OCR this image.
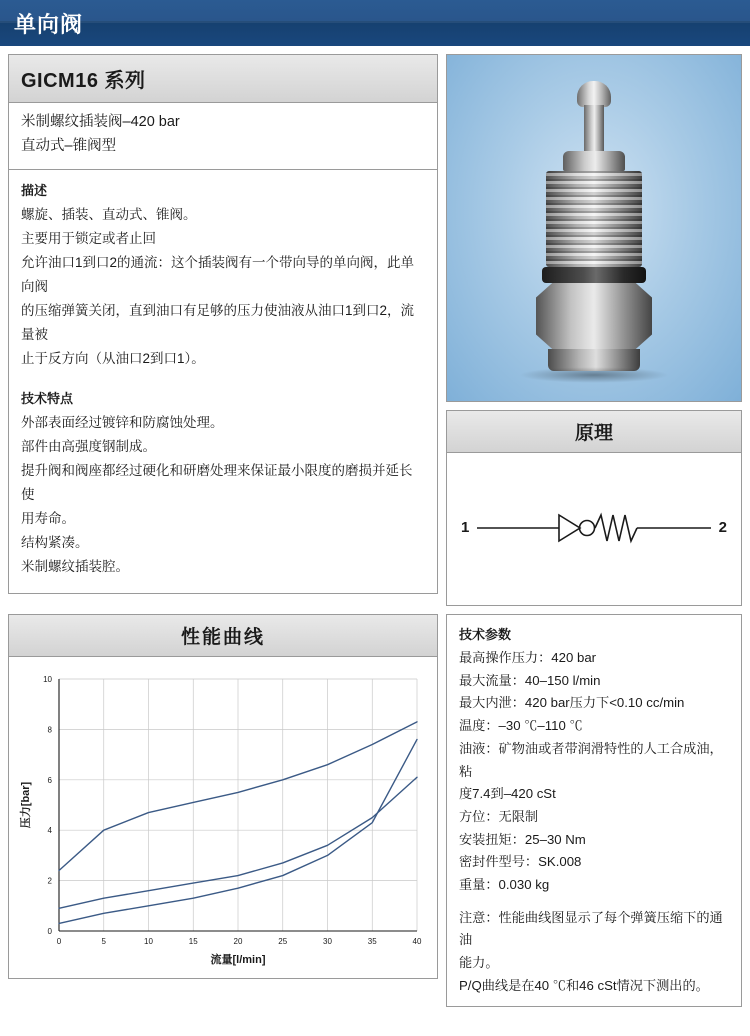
单向阀
GICM16 系列
米制螺纹插装阀–420 bar
直动式–锥阀型
描述

螺旋、插装、直动式、锥阀。

主要用于锁定或者止回

允许油口1到口2的通流：这个插装阀有一个带向导的单向阀，此单向阀

的压缩弹簧关闭，直到油口有足够的压力使油液从油口1到口2，流量被

止于反方向（从油口2到口1）。

技术特点

外部表面经过镀锌和防腐蚀处理。

部件由高强度钢制成。

提升阀和阀座都经过硬化和研磨处理来保证最小限度的磨损并延长使

用寿命。

结构紧凑。

米制螺纹插装腔。

原理
1	2
性能曲线
0	5	10	15	20	25	30	35	40
0
2
4
6
8
10
流量[l/min]
压力[bar]
技术参数
最高操作压力：420 bar
最大流量：40–150 l/min
最大内泄：420 bar压力下<0.10 cc/min
温度：–30 ℃–110 ℃
油液：矿物油或者带润滑特性的人工合成油，粘
度7.4到–420 cSt
方位：无限制
安装扭矩：25–30 Nm
密封件型号：SK.008
重量：0.030 kg

注意：性能曲线图显示了每个弹簧压缩下的通油

能力。

P/Q曲线是在40 ℃和46 cSt情况下测出的。
